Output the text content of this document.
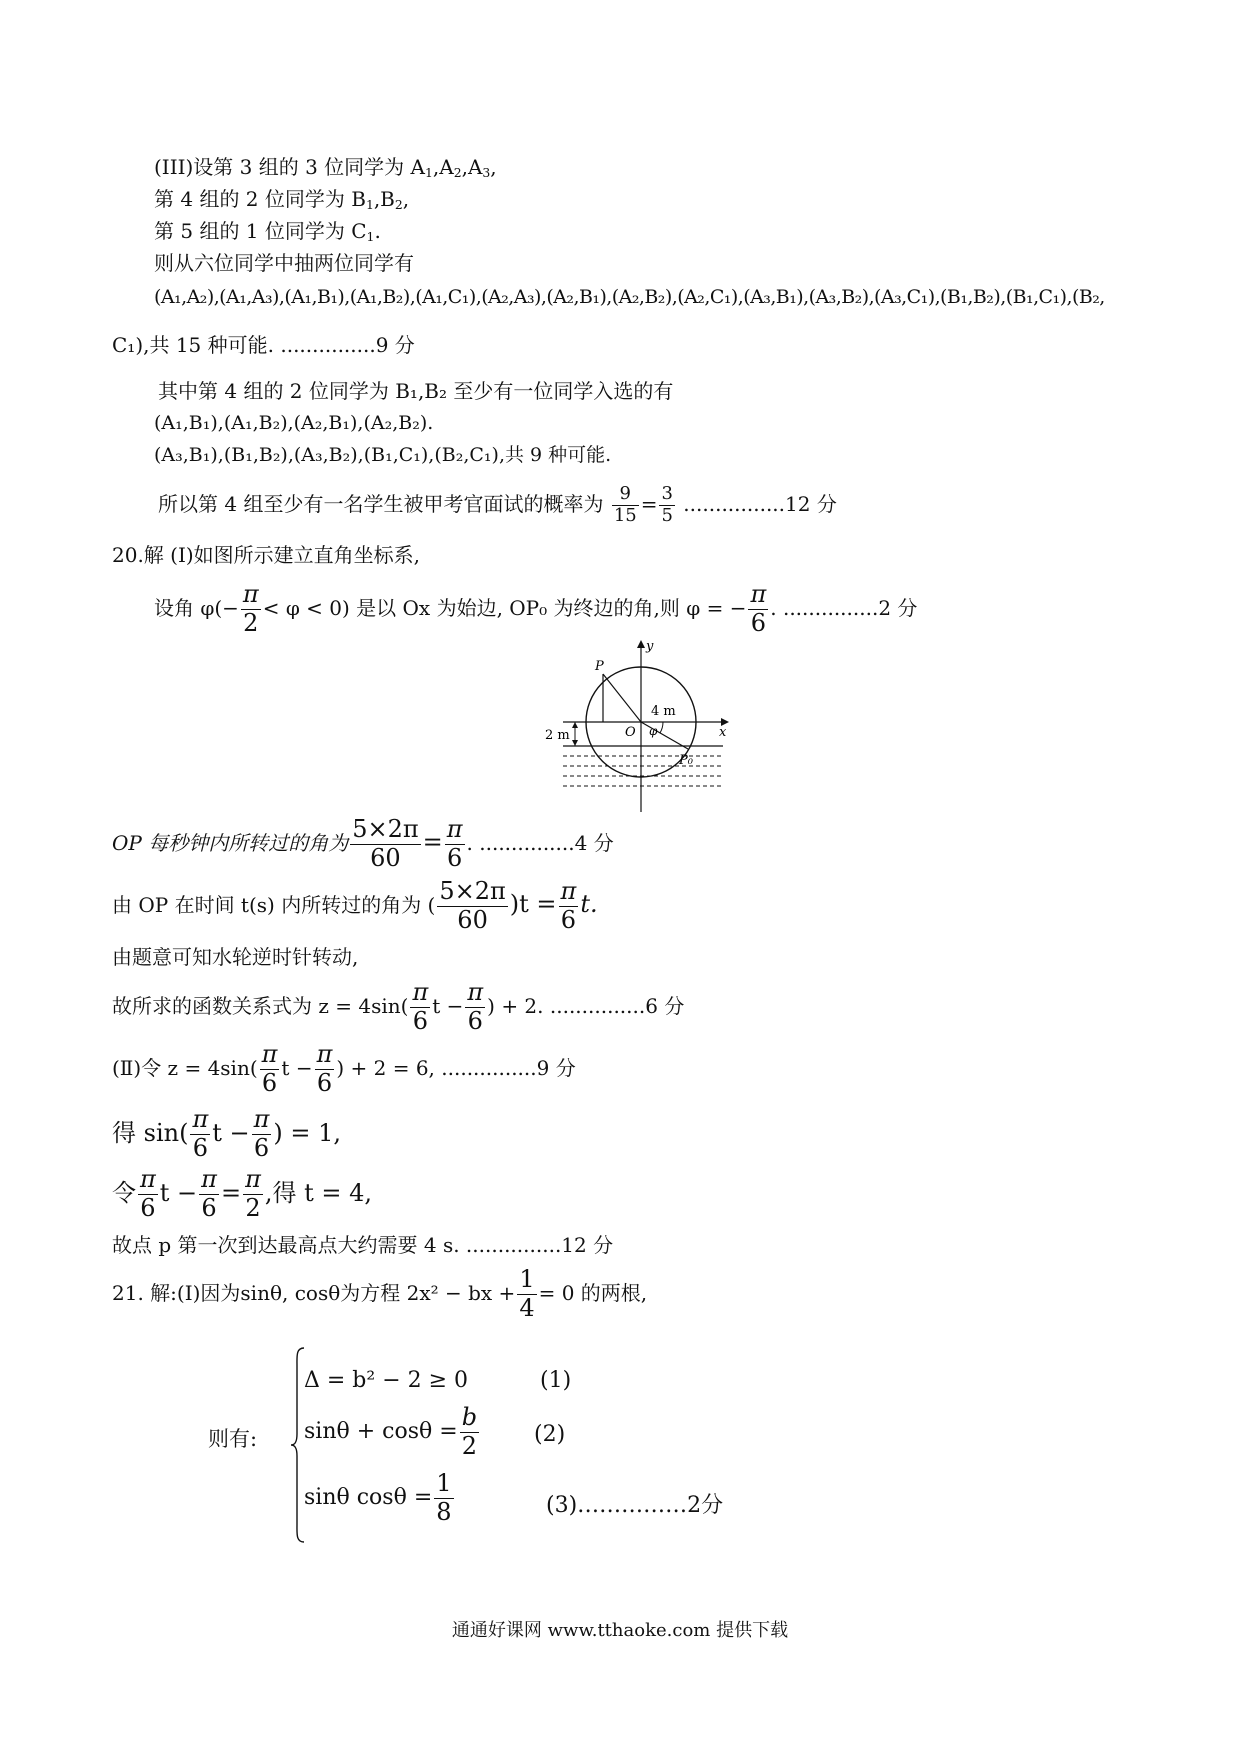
(III)设第 3 组的 3 位同学为 $A_1,A_2,A_3$,
第 4 组的 2 位同学为 $B_1,B_2$,
第 5 组的 1 位同学为 $C_1$.
则从六位同学中抽两位同学有
(A₁,A₂),(A₁,A₃),(A₁,B₁),(A₁,B₂),(A₁,C₁),(A₂,A₃),(A₂,B₁),(A₂,B₂),(A₂,C₁),(A₃,B₁),(A₃,B₂),(A₃,C₁),(B₁,B₂),(B₁,C₁),(B₂,
C₁),共 15 种可能. ...............9 分
其中第 4 组的 2 位同学为 B₁,B₂ 至少有一位同学入选的有
(A₁,B₁),(A₁,B₂),(A₂,B₁),(A₂,B₂).
(A₃,B₁),(B₁,B₂),(A₃,B₂),(B₁,C₁),(B₂,C₁),共 9 种可能.
所以第 4 组至少有一名学生被甲考官面试的概率为 $\frac{9}{15} = \frac{3}{5} ................12$ 分
20.解 (Ⅰ)如图所示建立直角坐标系,
设角 $\varphi(- \frac{\pi}{2} < \varphi < 0)$ 是以 Ox 为始边, OP₀ 为终边的角,则 φ = − $\frac{\pi}{6}$ . ...............2 分
P
y
x
O φ
4 m
2 m
P₀
OP 每秒钟内所转过的角为 $\frac{5\times 2\pi}{60} = \frac{\pi}{6}$ . ...............4 分
由 OP 在时间 t(s) 内所转过的角为 ( $\frac{5\times 2\pi}{60} )t = \frac{\pi}{6} t$.
由题意可知水轮逆时针转动,
故所求的函数关系式为 $z = 4\sin( \frac{\pi}{6}$ $t - \frac{\pi}{6}$ ) + 2. ...............6 分
(Ⅱ)令 $z = 4\sin( \frac{\pi}{6}$ $t - \frac{\pi}{6}$ ) + 2 = 6, ...............9 分
得 $\sin( \frac{\pi}{6}$ $t - \frac{\pi}{6}$ ) = 1,
令 $\frac{\pi}{6}$ $t - \frac{\pi}{6} = \frac{\pi}{2}$ ,得 t = 4,
故点 p 第一次到达最高点大约需要 4 s. ...............12 分
21. 解:(Ⅰ)因为sinθ, cosθ为方程 2x² − bx + $\frac{1}{4} = 0$ 的两根,
则有:
Δ = b² − 2 ≥ 0	(1)
$\sin\theta + \cos\theta = \frac{b}{2} (2)$
sinθ $\cos\theta = \frac{1}{8}$	(3)……………2分
通通好课网 www.tthaoke.com 提供下载
